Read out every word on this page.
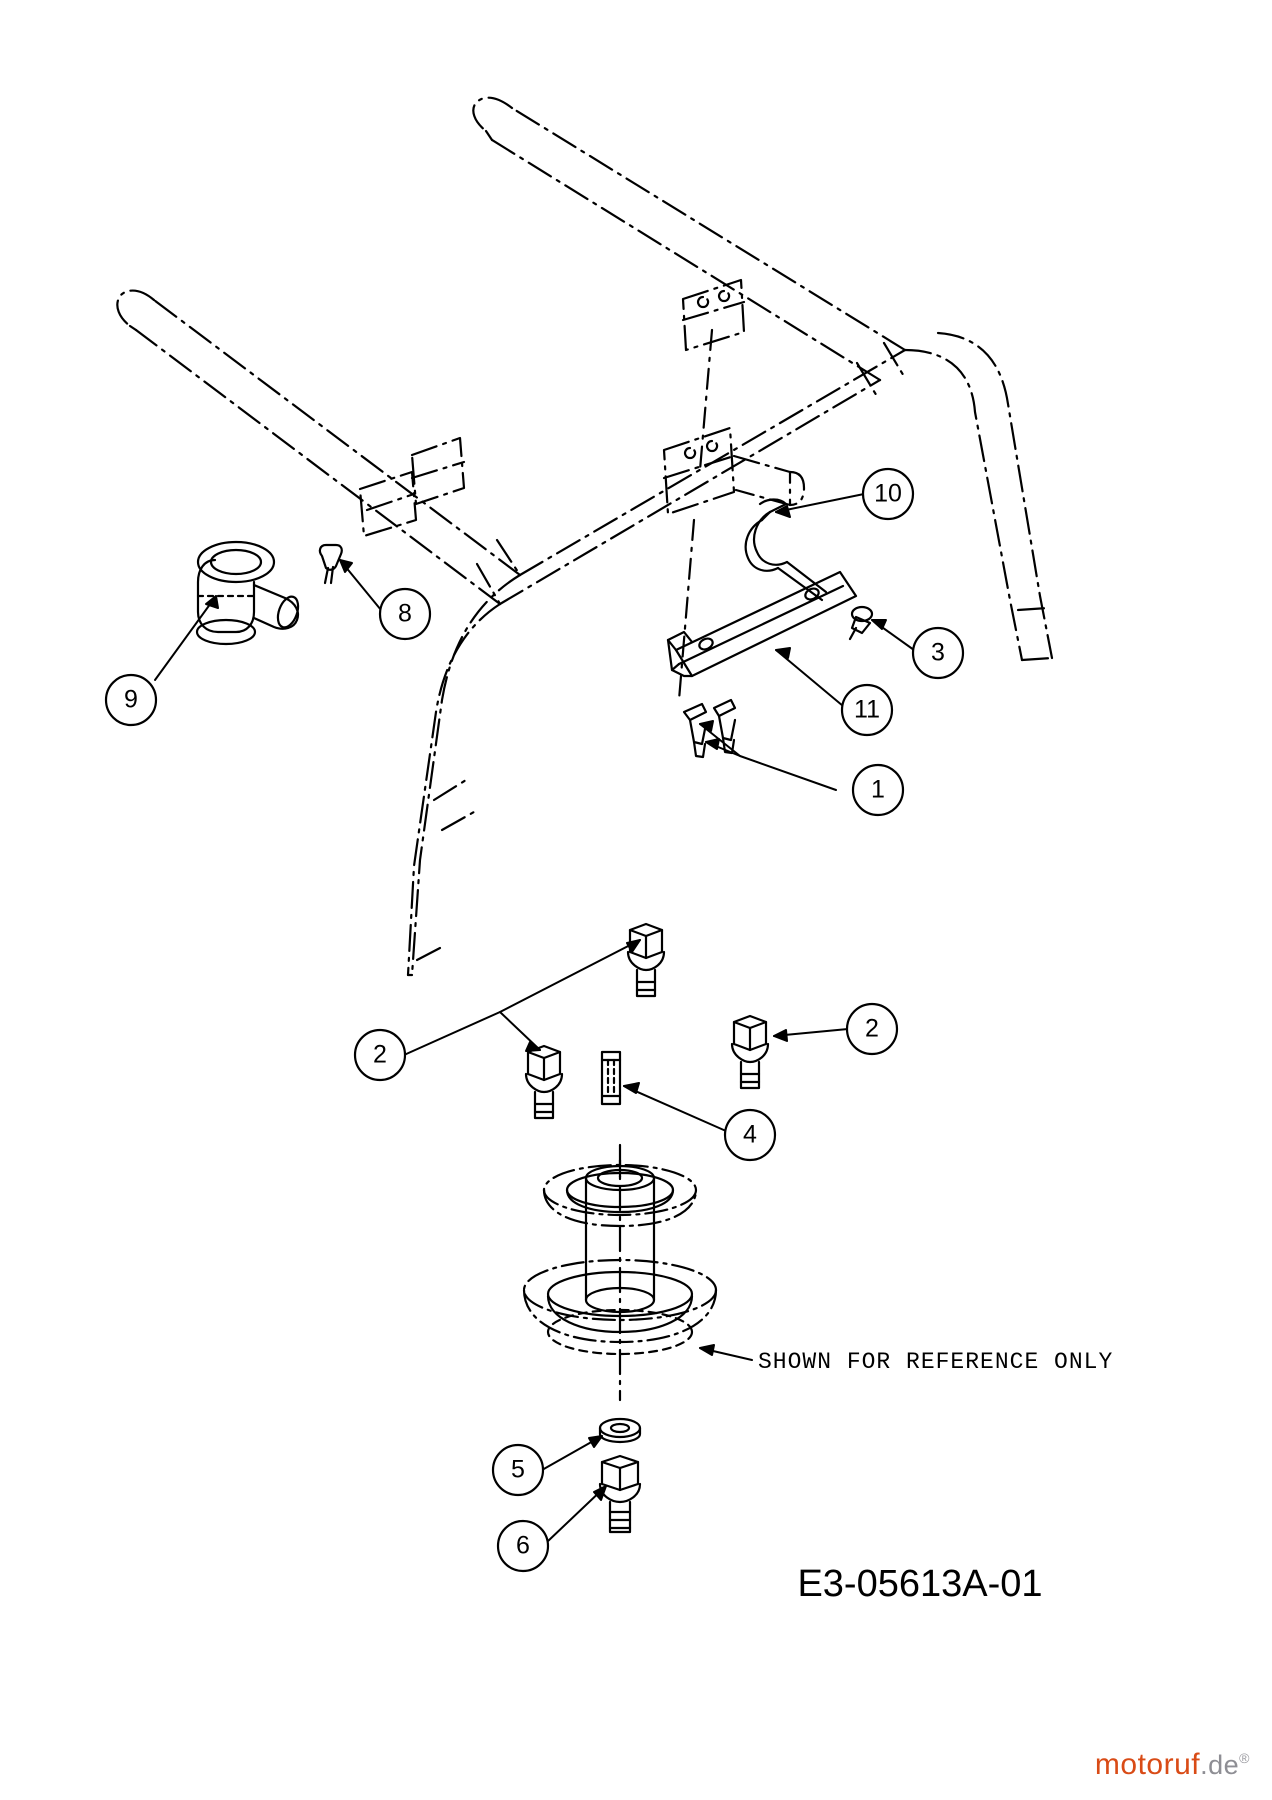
9
8
10
3
11
1
2
2
4
5
6
SHOWN FOR REFERENCE ONLY
E3-05613A-01
motoruf.de®
